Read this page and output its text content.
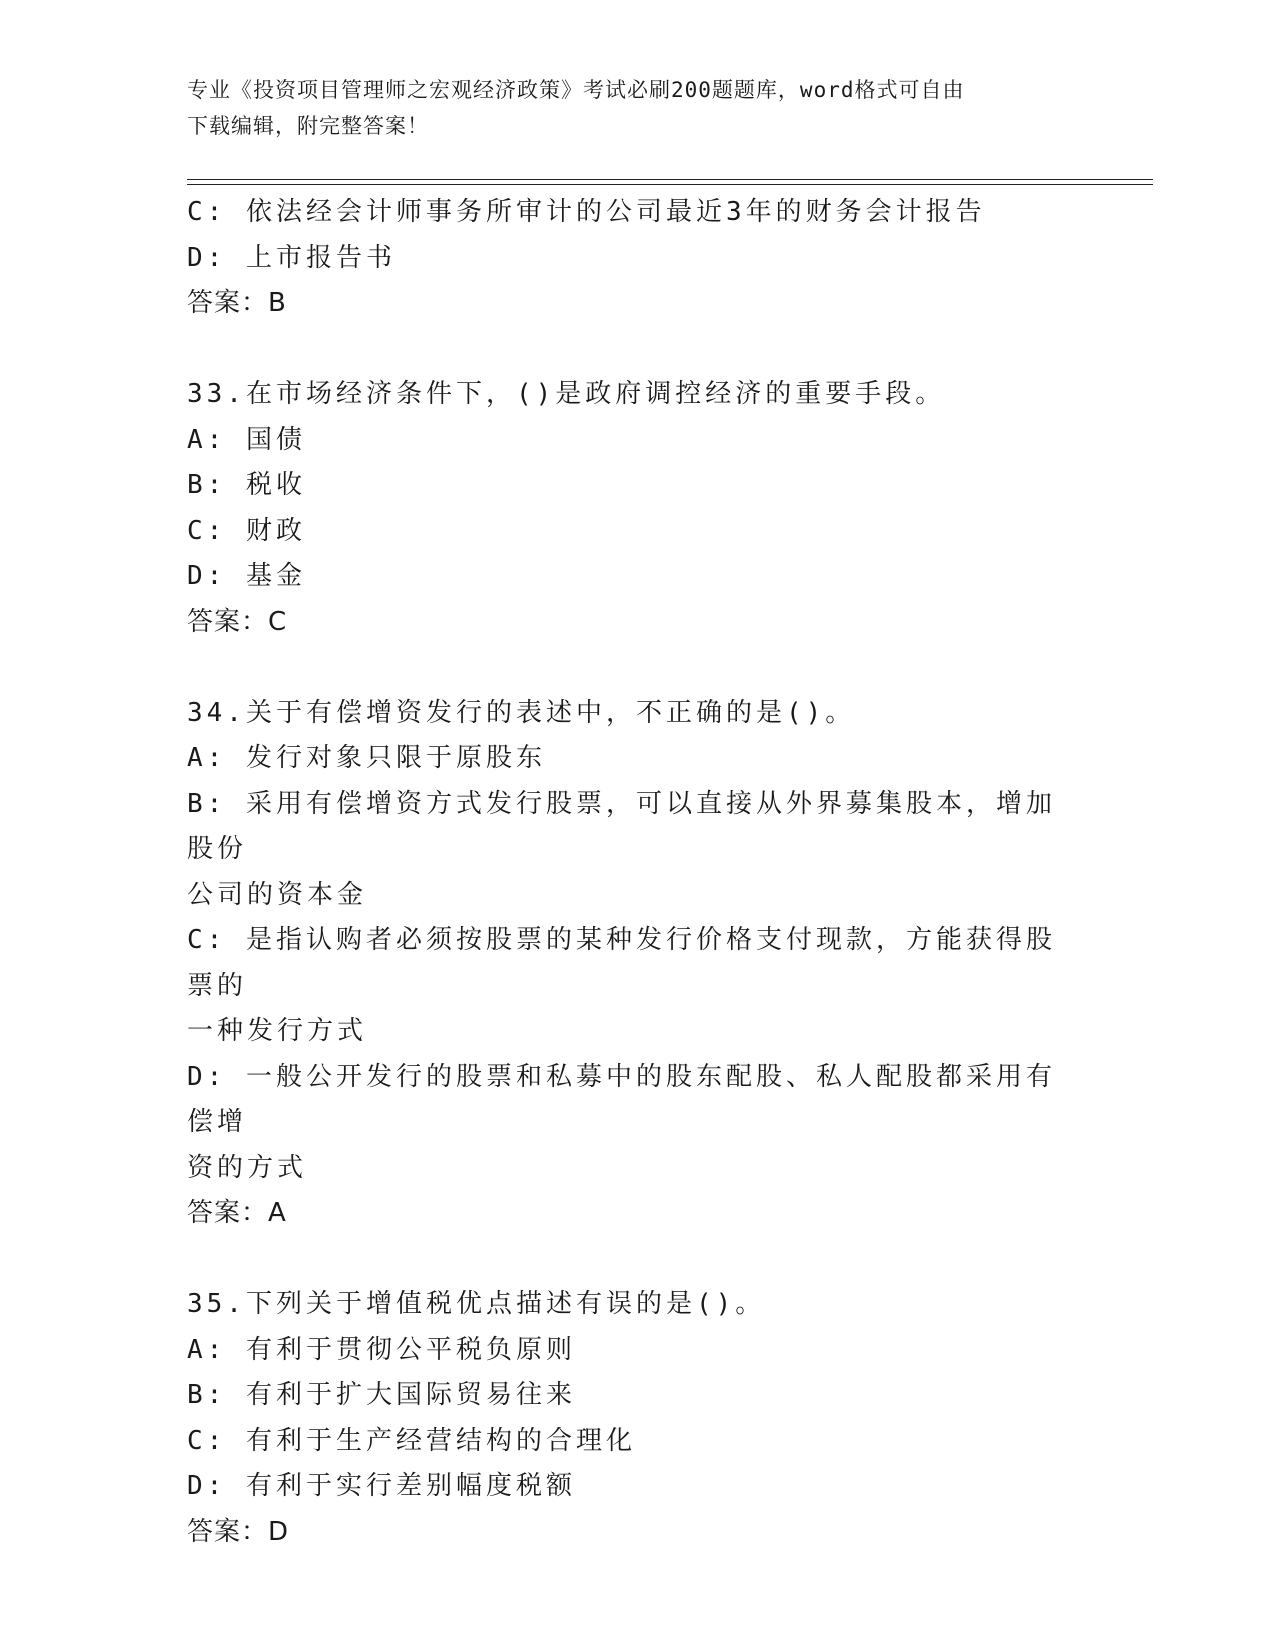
专业《投资项目管理师之宏观经济政策》考试必刷200题题库，word格式可自由
下载编辑，附完整答案！

C: 依法经会计师事务所审计的公司最近3年的财务会计报告

D: 上市报告书

答案：B

33.在市场经济条件下，()是政府调控经济的重要手段。

A: 国债

B: 税收

C: 财政

D: 基金

答案：C

34.关于有偿增资发行的表述中，不正确的是()。

A: 发行对象只限于原股东

B: 采用有偿增资方式发行股票，可以直接从外界募集股本，增加股份

公司的资本金

C: 是指认购者必须按股票的某种发行价格支付现款，方能获得股票的

一种发行方式

D: 一般公开发行的股票和私募中的股东配股、私人配股都采用有偿增

资的方式

答案：A

35.下列关于增值税优点描述有误的是()。

A: 有利于贯彻公平税负原则

B: 有利于扩大国际贸易往来

C: 有利于生产经营结构的合理化

D: 有利于实行差别幅度税额

答案：D
